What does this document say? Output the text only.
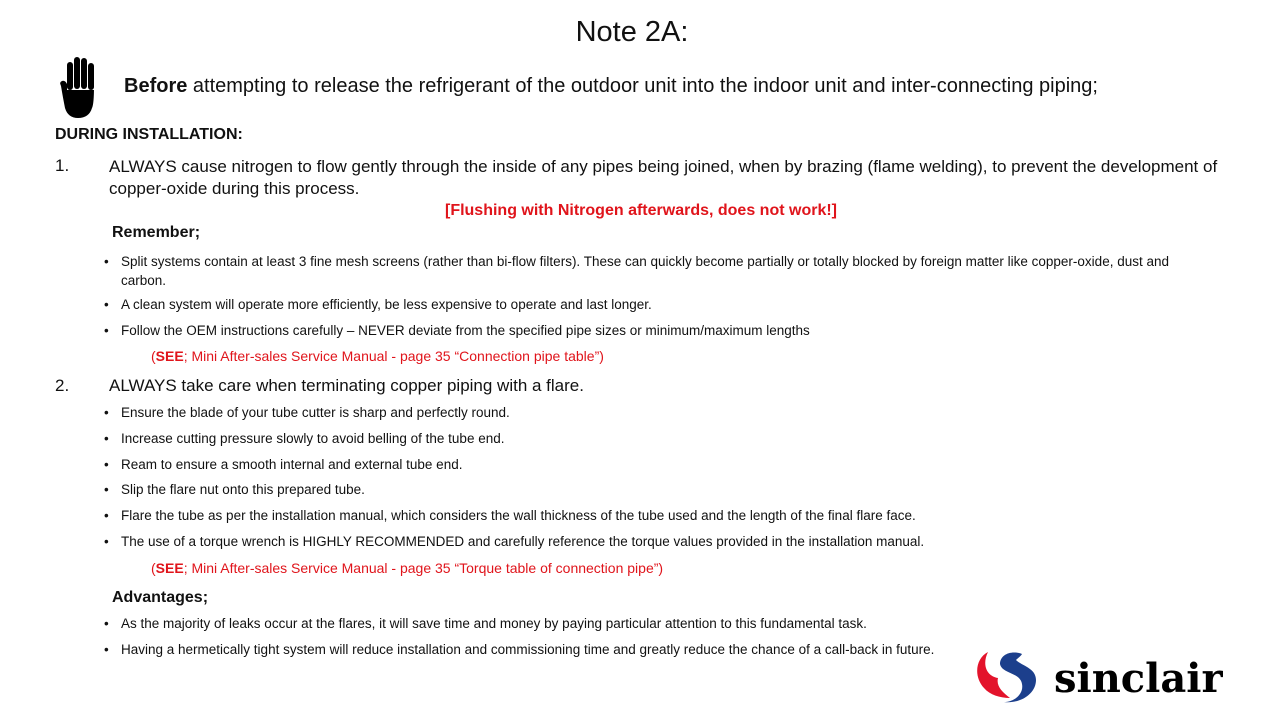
Note 2A:
Before attempting to release the refrigerant of the outdoor unit into the indoor unit and inter-connecting piping;
DURING INSTALLATION:
1. ALWAYS cause nitrogen to flow gently through the inside of any pipes being joined, when by brazing (flame welding), to prevent the development of copper-oxide during this process.
[Flushing with Nitrogen afterwards, does not work!]
Remember;
• Split systems contain at least 3 fine mesh screens (rather than bi-flow filters). These can quickly become partially or totally blocked by foreign matter like copper-oxide, dust and carbon.
• A clean system will operate more efficiently, be less expensive to operate and last longer.
• Follow the OEM instructions carefully – NEVER deviate from the specified pipe sizes or minimum/maximum lengths
(SEE; Mini After-sales Service Manual - page 35 “Connection pipe table”)
2. ALWAYS take care when terminating copper piping with a flare.
• Ensure the blade of your tube cutter is sharp and perfectly round.
• Increase cutting pressure slowly to avoid belling of the tube end.
• Ream to ensure a smooth internal and external tube end.
• Slip the flare nut onto this prepared tube.
• Flare the tube as per the installation manual, which considers the wall thickness of the tube used and the length of the final flare face.
• The use of a torque wrench is HIGHLY RECOMMENDED and carefully reference the torque values provided in the installation manual.
(SEE; Mini After-sales Service Manual - page 35 “Torque table of connection pipe”)
Advantages;
• As the majority of leaks occur at the flares, it will save time and money by paying particular attention to this fundamental task.
• Having a hermetically tight system will reduce installation and commissioning time and greatly reduce the chance of a call-back in future.
sinclair
